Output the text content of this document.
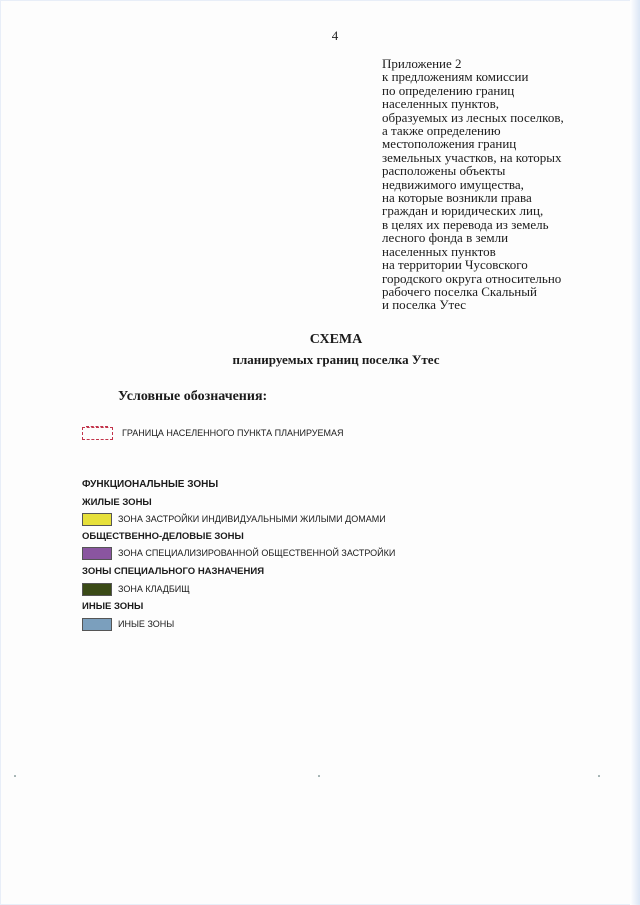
4
Приложение 2
к предложениям комиссии
по определению границ
населенных пунктов,
образуемых из лесных поселков,
а также определению
местоположения границ
земельных участков, на которых
расположены объекты
недвижимого имущества,
на которые возникли права
граждан и юридических лиц,
в целях их перевода из земель
лесного фонда в земли
населенных пунктов
на территории Чусовского
городского округа относительно
рабочего поселка Скальный
и поселка Утес
СХЕМА
планируемых границ поселка Утес
Условные обозначения:
ГРАНИЦА НАСЕЛЕННОГО ПУНКТА ПЛАНИРУЕМАЯ
ФУНКЦИОНАЛЬНЫЕ ЗОНЫ
ЖИЛЫЕ ЗОНЫ
ЗОНА ЗАСТРОЙКИ ИНДИВИДУАЛЬНЫМИ ЖИЛЫМИ ДОМАМИ
ОБЩЕСТВЕННО-ДЕЛОВЫЕ ЗОНЫ
ЗОНА СПЕЦИАЛИЗИРОВАННОЙ ОБЩЕСТВЕННОЙ ЗАСТРОЙКИ
ЗОНЫ СПЕЦИАЛЬНОГО НАЗНАЧЕНИЯ
ЗОНА КЛАДБИЩ
ИНЫЕ ЗОНЫ
ИНЫЕ ЗОНЫ
